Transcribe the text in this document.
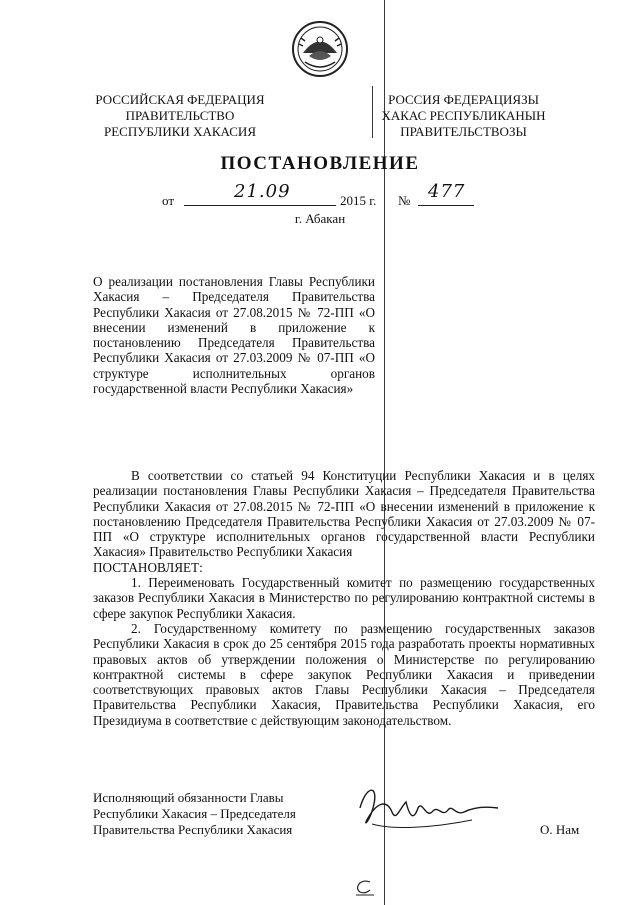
РОССИЙСКАЯ ФЕДЕРАЦИЯ
ПРАВИТЕЛЬСТВО
РЕСПУБЛИКИ ХАКАСИЯ
РОССИЯ ФЕДЕРАЦИЯЗЫ
ХАКАС РЕСПУБЛИКАНЫН
ПРАВИТЕЛЬСТВОЗЫ
ПОСТАНОВЛЕНИЕ
от	21.09	2015 г. № 477
г. Абакан
О реализации постановления Главы Республики Хакасия – Председателя Правительства Республики Хакасия от 27.08.2015 № 72-ПП «О внесении изменений в приложение к постановлению Председателя Правительства Республики Хакасия от 27.03.2009 № 07-ПП «О структуре исполнительных органов государственной власти Республики Хакасия»

В соответствии со статьей 94 Конституции Республики Хакасия и в целях реализации постановления Главы Республики Хакасия – Председателя Правительства Республики Хакасия от 27.08.2015 № 72-ПП «О внесении изменений в приложение к постановлению Председателя Правительства Республики Хакасия от 27.03.2009 № 07-ПП «О структуре исполнительных органов государственной власти Республики Хакасия» Правительство Республики Хакасия

ПОСТАНОВЛЯЕТ:

1. Переименовать Государственный комитет по размещению государственных заказов Республики Хакасия в Министерство по регулированию контрактной системы в сфере закупок Республики Хакасия.

2. Государственному комитету по размещению государственных заказов Республики Хакасия в срок до 25 сентября 2015 года разработать проекты нормативных правовых актов об утверждении положения о Министерстве по регулированию контрактной системы в сфере закупок Республики Хакасия и приведении соответствующих правовых актов Главы Республики Хакасия – Председателя Правительства Республики Хакасия, Правительства Республики Хакасия, его Президиума в соответствие с действующим законодательством.

Исполняющий обязанности Главы
Республики Хакасия – Председателя
Правительства Республики Хакасия	О. Нам
